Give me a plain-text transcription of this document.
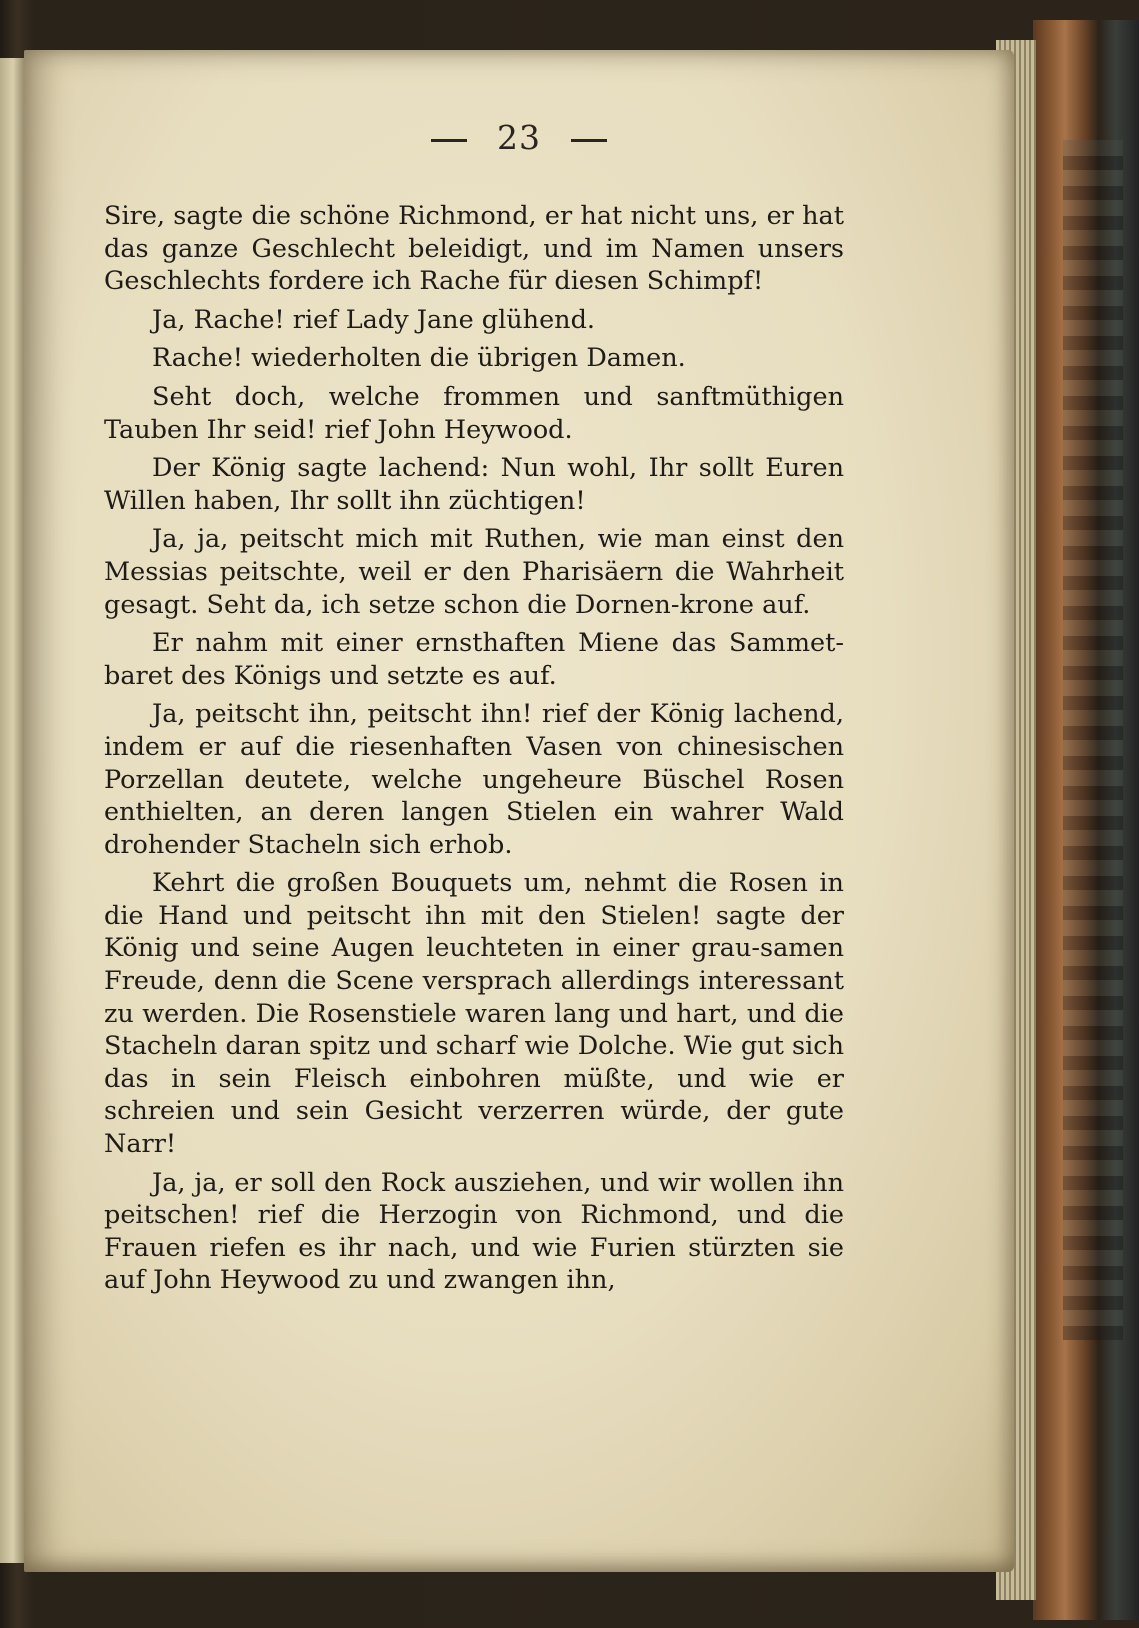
23

Sire, sagte die schöne Richmond, er hat nicht uns, er hat das ganze Geschlecht beleidigt, und im Namen unsers Geschlechts fordere ich Rache für diesen Schimpf!

Ja, Rache! rief Lady Jane glühend.

Rache! wiederholten die übrigen Damen.

Seht doch, welche frommen und sanftmüthigen Tauben Ihr seid! rief John Heywood.

Der König sagte lachend: Nun wohl, Ihr sollt Euren Willen haben, Ihr sollt ihn züchtigen!

Ja, ja, peitscht mich mit Ruthen, wie man einst den Messias peitschte, weil er den Pharisäern die Wahrheit gesagt. Seht da, ich setze schon die Dornen-krone auf.

Er nahm mit einer ernsthaften Miene das Sammet-baret des Königs und setzte es auf.

Ja, peitscht ihn, peitscht ihn! rief der König lachend, indem er auf die riesenhaften Vasen von chinesischen Porzellan deutete, welche ungeheure Büschel Rosen enthielten, an deren langen Stielen ein wahrer Wald drohender Stacheln sich erhob.

Kehrt die großen Bouquets um, nehmt die Rosen in die Hand und peitscht ihn mit den Stielen! sagte der König und seine Augen leuchteten in einer grau-samen Freude, denn die Scene versprach allerdings interessant zu werden. Die Rosenstiele waren lang und hart, und die Stacheln daran spitz und scharf wie Dolche. Wie gut sich das in sein Fleisch einbohren müßte, und wie er schreien und sein Gesicht verzerren würde, der gute Narr!

Ja, ja, er soll den Rock ausziehen, und wir wollen ihn peitschen! rief die Herzogin von Richmond, und die Frauen riefen es ihr nach, und wie Furien stürzten sie auf John Heywood zu und zwangen ihn,
